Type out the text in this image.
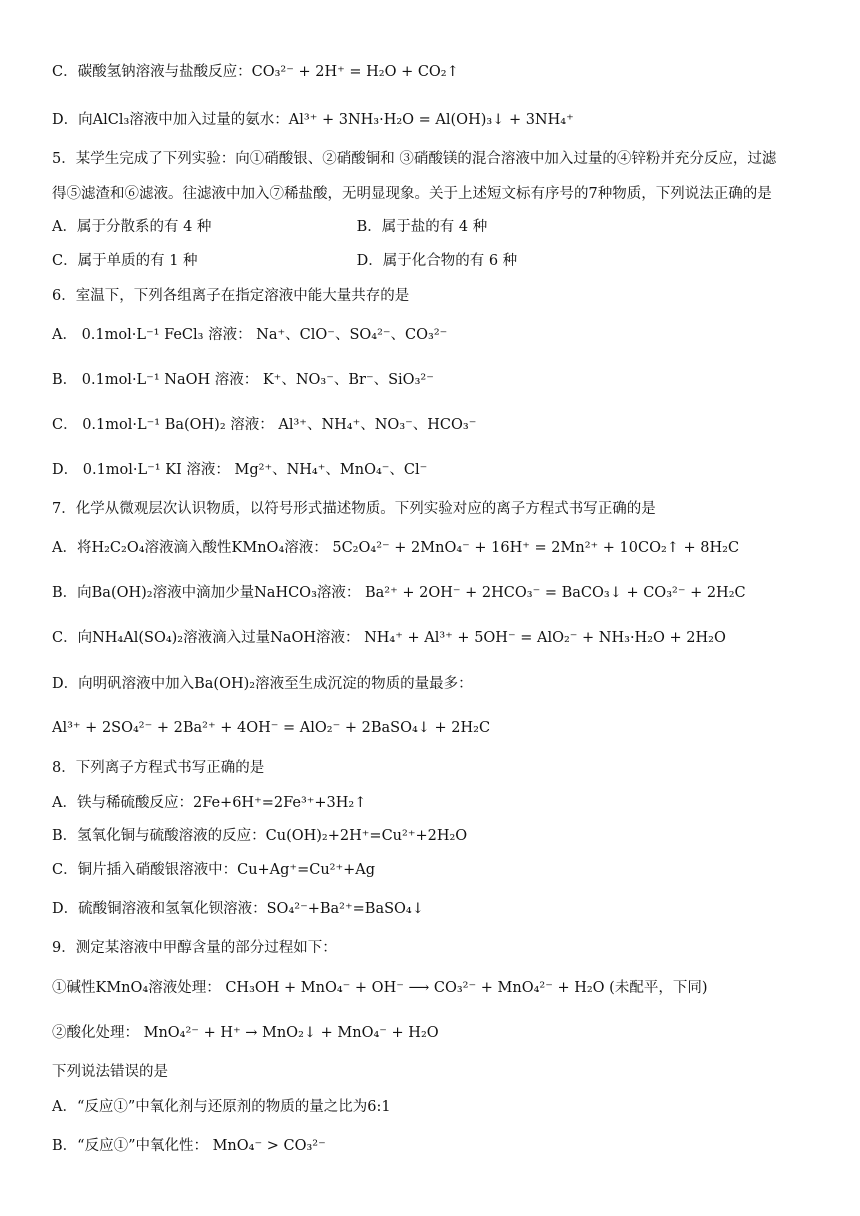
C．碳酸氢钠溶液与盐酸反应：CO₃²⁻ + 2H⁺ = H₂O + CO₂↑
D．向AlCl₃溶液中加入过量的氨水：Al³⁺ + 3NH₃·H₂O = Al(OH)₃↓ + 3NH₄⁺
5．某学生完成了下列实验：向①硝酸银、②硝酸铜和 ③硝酸镁的混合溶液中加入过量的④锌粉并充分反应，过滤
得⑤滤渣和⑥滤液。往滤液中加入⑦稀盐酸，无明显现象。关于上述短文标有序号的7种物质，下列说法正确的是
A．属于分散系的有 4 种	B．属于盐的有 4 种
C．属于单质的有 1 种	D．属于化合物的有 6 种
6．室温下，下列各组离子在指定溶液中能大量共存的是
A． 0.1mol·L⁻¹ FeCl₃ 溶液： Na⁺、ClO⁻、SO₄²⁻、CO₃²⁻
B． 0.1mol·L⁻¹ NaOH 溶液： K⁺、NO₃⁻、Br⁻、SiO₃²⁻
C． 0.1mol·L⁻¹ Ba(OH)₂ 溶液： Al³⁺、NH₄⁺、NO₃⁻、HCO₃⁻
D． 0.1mol·L⁻¹ KI 溶液： Mg²⁺、NH₄⁺、MnO₄⁻、Cl⁻
7．化学从微观层次认识物质，以符号形式描述物质。下列实验对应的离子方程式书写正确的是
A．将H₂C₂O₄溶液滴入酸性KMnO₄溶液： 5C₂O₄²⁻ + 2MnO₄⁻ + 16H⁺ = 2Mn²⁺ + 10CO₂↑ + 8H₂C
B．向Ba(OH)₂溶液中滴加少量NaHCO₃溶液： Ba²⁺ + 2OH⁻ + 2HCO₃⁻ = BaCO₃↓ + CO₃²⁻ + 2H₂C
C．向NH₄Al(SO₄)₂溶液滴入过量NaOH溶液： NH₄⁺ + Al³⁺ + 5OH⁻ = AlO₂⁻ + NH₃·H₂O + 2H₂O
D．向明矾溶液中加入Ba(OH)₂溶液至生成沉淀的物质的量最多：
Al³⁺ + 2SO₄²⁻ + 2Ba²⁺ + 4OH⁻ = AlO₂⁻ + 2BaSO₄↓ + 2H₂C
8．下列离子方程式书写正确的是
A．铁与稀硫酸反应：2Fe+6H⁺=2Fe³⁺+3H₂↑
B．氢氧化铜与硫酸溶液的反应：Cu(OH)₂+2H⁺=Cu²⁺+2H₂O
C．铜片插入硝酸银溶液中：Cu+Ag⁺=Cu²⁺+Ag
D．硫酸铜溶液和氢氧化钡溶液：SO₄²⁻+Ba²⁺=BaSO₄↓
9．测定某溶液中甲醇含量的部分过程如下：
①碱性KMnO₄溶液处理： CH₃OH + MnO₄⁻ + OH⁻ ⟶ CO₃²⁻ + MnO₄²⁻ + H₂O (未配平，下同)
②酸化处理： MnO₄²⁻ + H⁺ → MnO₂↓ + MnO₄⁻ + H₂O
下列说法错误的是
A．“反应①”中氧化剂与还原剂的物质的量之比为6:1
B．“反应①”中氧化性： MnO₄⁻ > CO₃²⁻
